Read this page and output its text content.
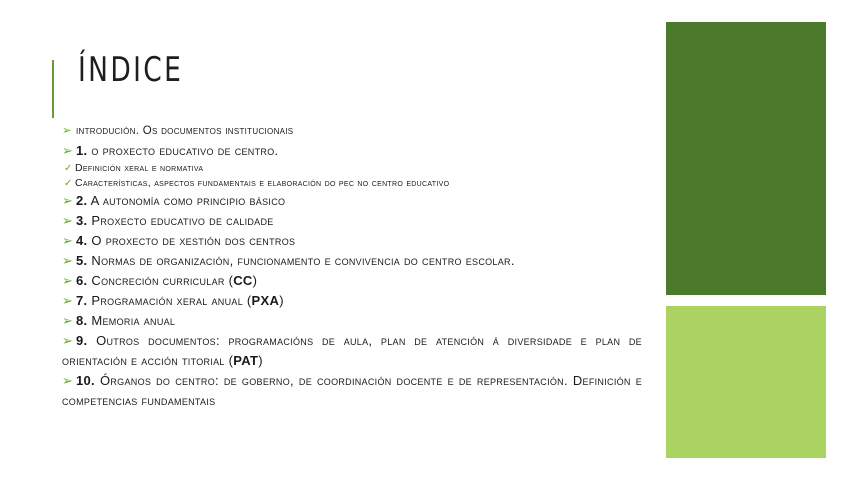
ÍNDICE
➢ introdución. Os documentos institucionais
➢ 1. o proxecto educativo de centro.
✓ Definición xeral e normativa
✓ Características, aspectos fundamentais e elaboración do pec no centro educativo
➢ 2. A autonomía como principio básico
➢ 3. Proxecto educativo de calidade
➢ 4. O proxecto de xestión dos centros
➢ 5. Normas de organización, funcionamento e convivencia do centro escolar.
➢ 6. Concreción curricular (CC)
➢ 7. Programación xeral anual (PXA)
➢ 8. Memoria anual
➢ 9. Outros documentos: programacións de aula, plan de atención á diversidade e plan de orientación e acción titorial (PAT)
➢ 10. Órganos do centro: de goberno, de coordinación docente e de representación. Definición e competencias fundamentais
